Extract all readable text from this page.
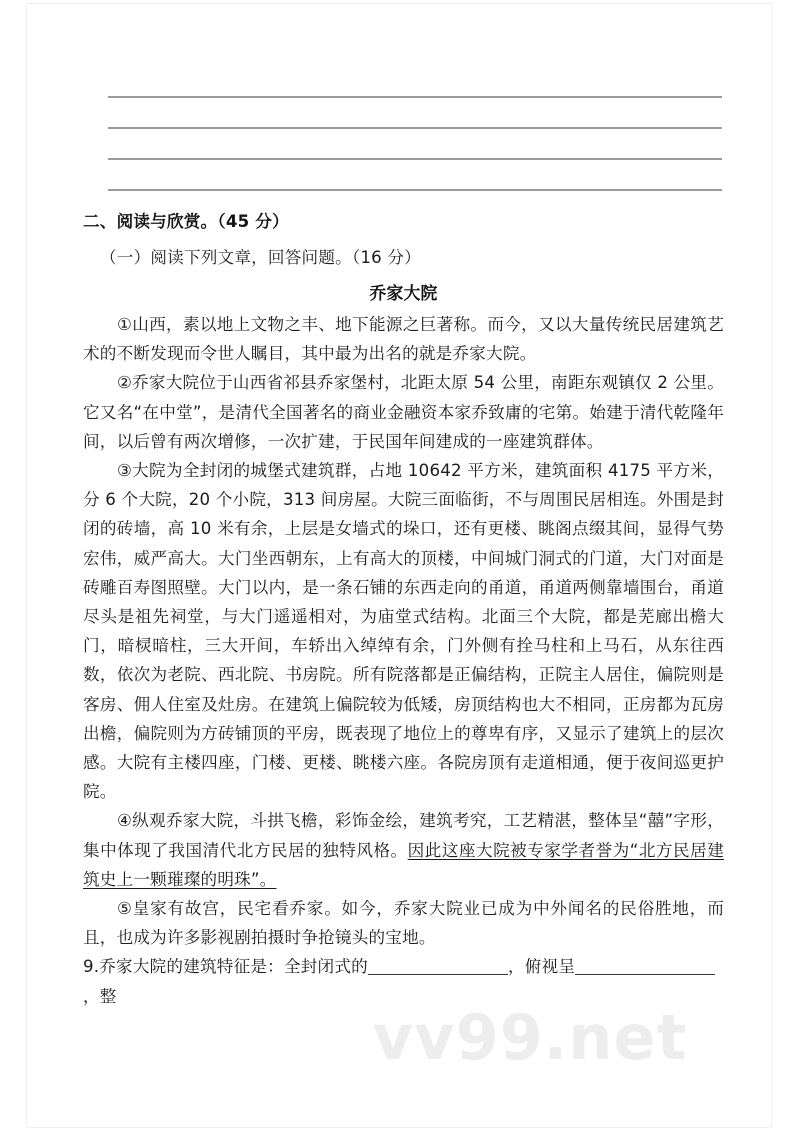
二、阅读与欣赏。（45 分）
（一）阅读下列文章，回答问题。（16 分）
乔家大院

①山西，素以地上文物之丰、地下能源之巨著称。而今，又以大量传统民居建筑艺术的不断发现而令世人瞩目，其中最为出名的就是乔家大院。

②乔家大院位于山西省祁县乔家堡村，北距太原 54 公里，南距东观镇仅 2 公里。它又名“在中堂”，是清代全国著名的商业金融资本家乔致庸的宅第。始建于清代乾隆年间，以后曾有两次增修，一次扩建，于民国年间建成的一座建筑群体。

③大院为全封闭的城堡式建筑群，占地 10642 平方米，建筑面积 4175 平方米，分 6 个大院，20 个小院，313 间房屋。大院三面临街，不与周围民居相连。外围是封闭的砖墙，高 10 米有余，上层是女墙式的垛口，还有更楼、眺阁点缀其间，显得气势宏伟，威严高大。大门坐西朝东，上有高大的顶楼，中间城门洞式的门道，大门对面是砖雕百寿图照壁。大门以内，是一条石铺的东西走向的甬道，甬道两侧靠墙围台，甬道尽头是祖先祠堂，与大门遥遥相对，为庙堂式结构。北面三个大院，都是芜廊出檐大门，暗棂暗柱，三大开间，车轿出入绰绰有余，门外侧有拴马柱和上马石，从东往西数，依次为老院、西北院、书房院。所有院落都是正偏结构，正院主人居住，偏院则是客房、佣人住室及灶房。在建筑上偏院较为低矮，房顶结构也大不相同，正房都为瓦房出檐，偏院则为方砖铺顶的平房，既表现了地位上的尊卑有序，又显示了建筑上的层次感。大院有主楼四座，门楼、更楼、眺楼六座。各院房顶有走道相通，便于夜间巡更护院。

④纵观乔家大院，斗拱飞檐，彩饰金绘，建筑考究，工艺精湛，整体呈“囍”字形，集中体现了我国清代北方民居的独特风格。因此这座大院被专家学者誉为“北方民居建筑史上一颗璀璨的明珠”。

⑤皇家有故宫，民宅看乔家。如今，乔家大院业已成为中外闻名的民俗胜地，而且，也成为许多影视剧拍摄时争抢镜头的宝地。

9.乔家大院的建筑特征是：全封闭式的	，俯视呈，整

vv99.net
